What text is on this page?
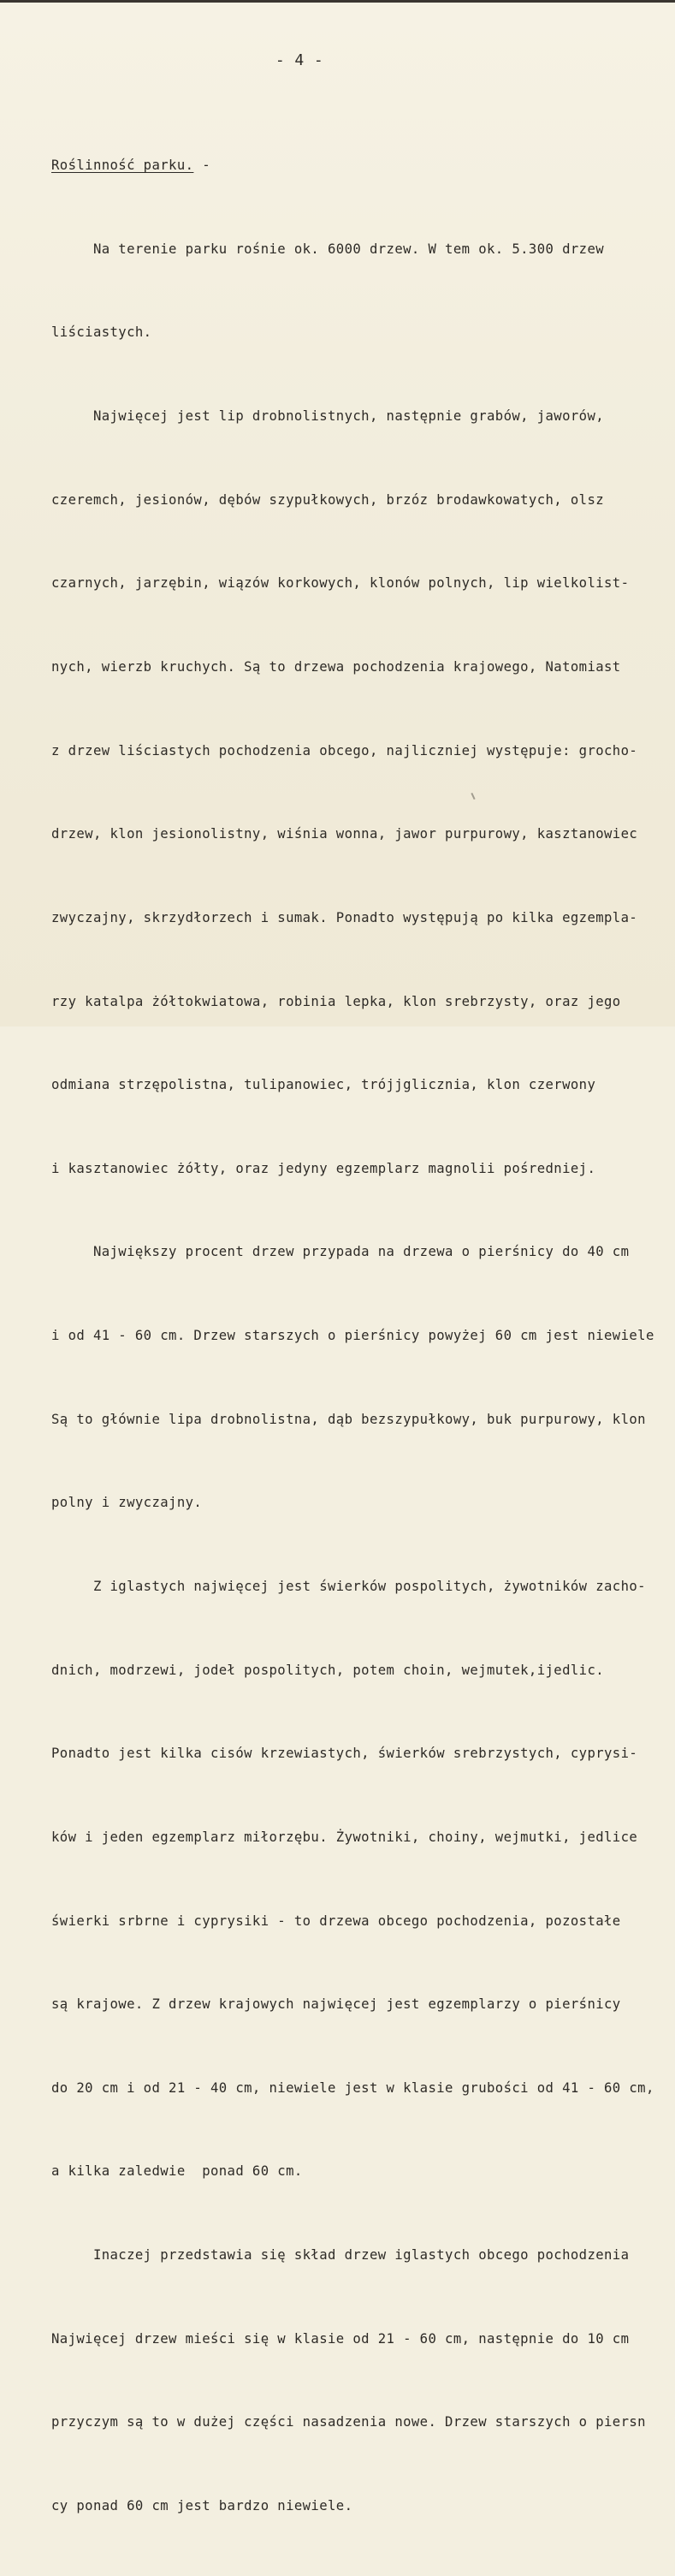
- 4 -

Roślinność parku. -

Na terenie parku rośnie ok. 6000 drzew. W tem ok. 5.300 drzew

liściastych.

Najwięcej jest lip drobnolistnych, następnie grabów, jaworów,

czeremch, jesionów, dębów szypułkowych, brzóz brodawkowatych, olsz

czarnych, jarzębin, wiązów korkowych, klonów polnych, lip wielkolist-

nych, wierzb kruchych. Są to drzewa pochodzenia krajowego, Natomiast

z drzew liściastych pochodzenia obcego, najliczniej występuje: grocho-

drzew, klon jesionolistny, wiśnia wonna, jawor purpurowy, kasztanowiec

zwyczajny, skrzydłorzech i sumak. Ponadto występują po kilka egzempla-

rzy katalpa żółtokwiatowa, robinia lepka, klon srebrzysty, oraz jego

odmiana strzępolistna, tulipanowiec, trójjglicznia, klon czerwony

i kasztanowiec żółty, oraz jedyny egzemplarz magnolii pośredniej.

Największy procent drzew przypada na drzewa o pierśnicy do 40 cm

i od 41 - 60 cm. Drzew starszych o pierśnicy powyżej 60 cm jest niewiele

Są to głównie lipa drobnolistna, dąb bezszypułkowy, buk purpurowy, klon

polny i zwyczajny.

Z iglastych najwięcej jest świerków pospolitych, żywotników zacho-

dnich, modrzewi, jodeł pospolitych, potem choin, wejmutek,ijedlic.

Ponadto jest kilka cisów krzewiastych, świerków srebrzystych, cyprysi-

ków i jeden egzemplarz miłorzębu. Żywotniki, choiny, wejmutki, jedlice

świerki srbrne i cyprysiki - to drzewa obcego pochodzenia, pozostałe

są krajowe. Z drzew krajowych najwięcej jest egzemplarzy o pierśnicy

do 20 cm i od 21 - 40 cm, niewiele jest w klasie grubości od 41 - 60 cm,

a kilka zaledwie  ponad 60 cm.

Inaczej przedstawia się skład drzew iglastych obcego pochodzenia

Najwięcej drzew mieści się w klasie od 21 - 60 cm, następnie do 10 cm

przyczym są to w dużej części nasadzenia nowe. Drzew starszych o piersn

cy ponad 60 cm jest bardzo niewiele.
